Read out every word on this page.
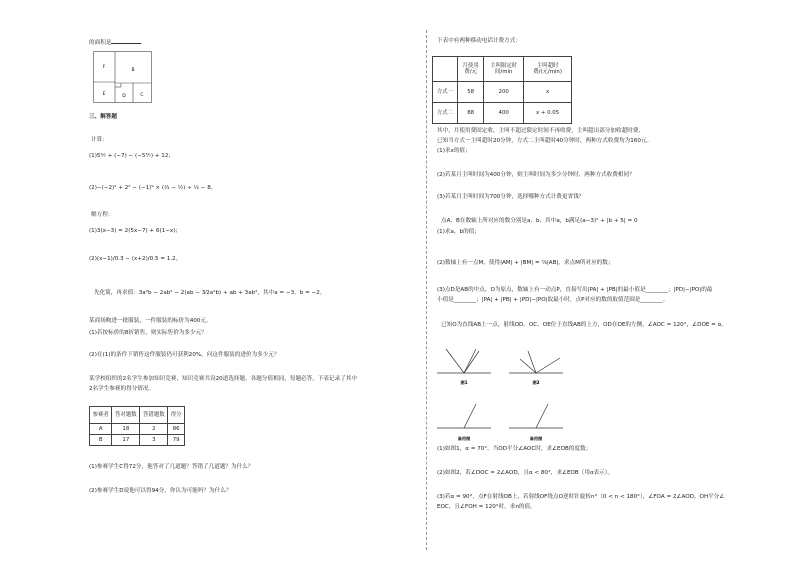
的面积是
F
B
E	D	C
三、解答题
计算：
(1)5⁴⁄₇ + (−7) − (−5³⁄₇) + 12；
(2)−(−2)² + 2² − (−1)⁹ × (⅓ − ½) ÷ ⅙ − 8。
解方程：
(1)3(x−3) = 2(5x−7) + 6(1−x)；
(2)(x−1)/0.3 − (x+2)/0.5 = 1.2。
先化简，再求值：3a²b − 2ab² − 2(ab − 3⁄2a²b) + ab + 3ab²，其中a = −3，b = −2。
某商场购进一批服装，一件服装的标价为400元。
(1)若按标价的8折销售，则实际售价为多少元？
(2)在(1)的条件下销售这件服装仍可获利20%，问这件服装的进价为多少元？
某学校组织的2名学生参加知识竞赛，知识竞赛共设20道选择题，各题分值相同，每题必答，下表记录了其中
2名学生参赛的得分情况。
参赛者	答对题数	答错题数	得分
A	18	2	86
B	17	3	79
(1)参赛学生C得72分，他答对了几道题？答错了几道题？为什么？
(2)参赛学生D说他可以得94分，你认为可能吗？为什么？
下表中有两种移动电话计费方式：
	月使用费/元	主叫限定时间/min	主叫超时费/(元/min)
方式一	58	200	x
方式二	88	400	x + 0.05
其中，月使用费固定收，主叫不超过限定时间不再收费，主叫超出部分加收超时费，
已知当方式一主叫超时20分钟，方式二主叫超时40分钟时，两种方式收费均为160元。
(1)求x的值；
(2)若某月主叫时间为400分钟，则主叫时间为多少分钟时，两种方式收费相同？
(3)若某月主叫时间为700分钟，选择哪种方式计费更省钱？
点A，B在数轴上所对应的数分别是a，b，其中a，b满足(a−3)² + |b + 5| = 0
(1)求a，b的值；
(2)数轴上有一点M，使得|AM| + |BM| = ⅞|AB|，求点M所对应的数；
(3)点D是AB的中点，O为原点，数轴上有一动点P，直接写出|PA| + |PB|的最小值是________；|PD|−|PO|的最
小值是________；|PA| + |PB| + |PD|−|PO|取最小时，点P对应的数的取值范围是________。
已知O为直线AB上一点，射线OD、OC、OE位于直线AB的上方，OD在OE的左侧，∠AOC = 120°，∠DOE = α。
图1	图2
备用图	备用图
(1)如图1，α = 70°，当OD平分∠AOC时，求∠EOB的度数；
(2)如图2，若∠DOC = 2∠AOD，且α < 80°，求∠EOB（用α表示）。
(3)若α = 90°，点F在射线OB上，若射线OF绕点O逆时针旋转n°（0 < n < 180°），∠FOA = 2∠AOD，OH平分∠
EOC，且∠FOH = 120°时，求n的值。
